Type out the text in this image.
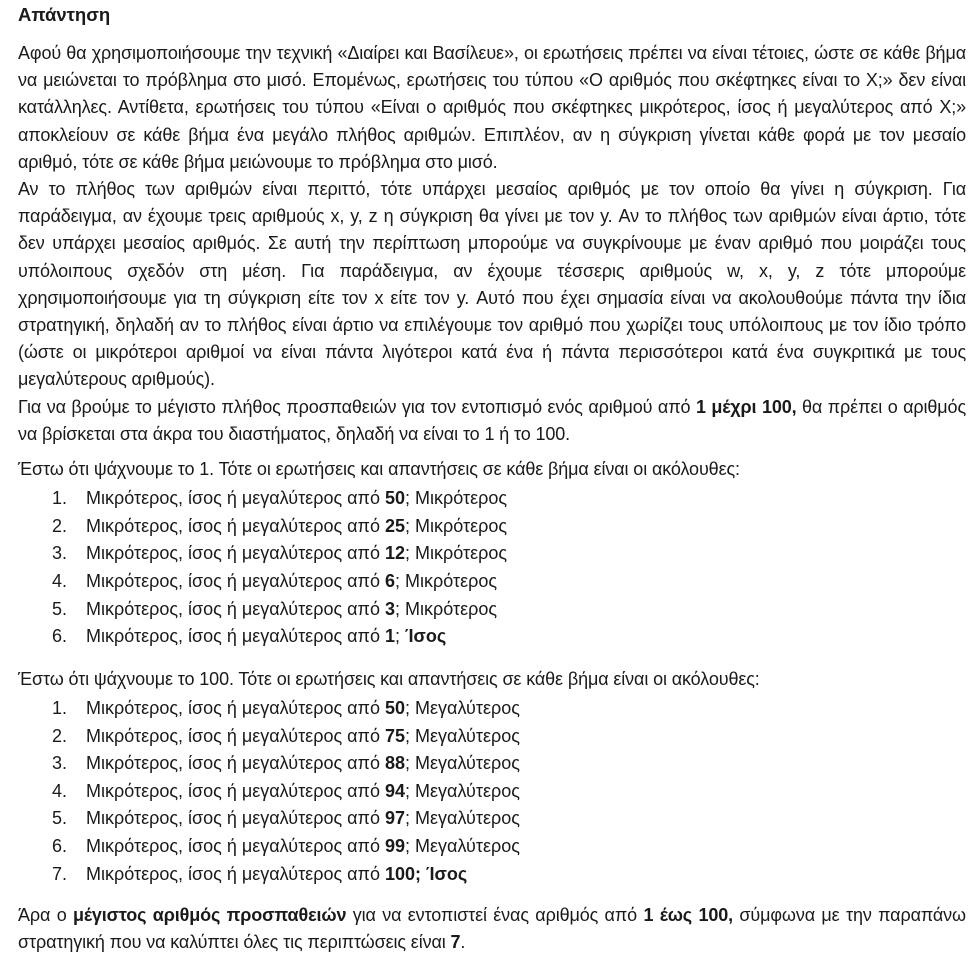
Απάντηση

Αφού θα χρησιμοποιήσουμε την τεχνική «Διαίρει και Βασίλευε», οι ερωτήσεις πρέπει να είναι τέτοιες, ώστε σε κάθε βήμα να μειώνεται το πρόβλημα στο μισό. Επομένως, ερωτήσεις του τύπου «Ο αριθμός που σκέφτηκες είναι το X;» δεν είναι κατάλληλες. Αντίθετα, ερωτήσεις του τύπου «Είναι ο αριθμός που σκέφτηκες μικρότερος, ίσος ή μεγαλύτερος από X;» αποκλείουν σε κάθε βήμα ένα μεγάλο πλήθος αριθμών. Επιπλέον, αν η σύγκριση γίνεται κάθε φορά με τον μεσαίο αριθμό, τότε σε κάθε βήμα μειώνουμε το πρόβλημα στο μισό.

Αν το πλήθος των αριθμών είναι περιττό, τότε υπάρχει μεσαίος αριθμός με τον οποίο θα γίνει η σύγκριση. Για παράδειγμα, αν έχουμε τρεις αριθμούς x, y, z η σύγκριση θα γίνει με τον y. Αν το πλήθος των αριθμών είναι άρτιο, τότε δεν υπάρχει μεσαίος αριθμός. Σε αυτή την περίπτωση μπορούμε να συγκρίνουμε με έναν αριθμό που μοιράζει τους υπόλοιπους σχεδόν στη μέση. Για παράδειγμα, αν έχουμε τέσσερις αριθμούς w, x, y, z τότε μπορούμε χρησιμοποιήσουμε για τη σύγκριση είτε τον x είτε τον y. Αυτό που έχει σημασία είναι να ακολουθούμε πάντα την ίδια στρατηγική, δηλαδή αν το πλήθος είναι άρτιο να επιλέγουμε τον αριθμό που χωρίζει τους υπόλοιπους με τον ίδιο τρόπο (ώστε οι μικρότεροι αριθμοί να είναι πάντα λιγότεροι κατά ένα ή πάντα περισσότεροι κατά ένα συγκριτικά με τους μεγαλύτερους αριθμούς).

Για να βρούμε το μέγιστο πλήθος προσπαθειών για τον εντοπισμό ενός αριθμού από 1 μέχρι 100, θα πρέπει ο αριθμός να βρίσκεται στα άκρα του διαστήματος, δηλαδή να είναι το 1 ή το 100.

Έστω ότι ψάχνουμε το 1. Τότε οι ερωτήσεις και απαντήσεις σε κάθε βήμα είναι οι ακόλουθες:

1.	Μικρότερος, ίσος ή μεγαλύτερος από 50; Μικρότερος
2.	Μικρότερος, ίσος ή μεγαλύτερος από 25; Μικρότερος
3.	Μικρότερος, ίσος ή μεγαλύτερος από 12; Μικρότερος
4.	Μικρότερος, ίσος ή μεγαλύτερος από 6; Μικρότερος
5.	Μικρότερος, ίσος ή μεγαλύτερος από 3; Μικρότερος
6.	Μικρότερος, ίσος ή μεγαλύτερος από 1; Ίσος

Έστω ότι ψάχνουμε το 100. Τότε οι ερωτήσεις και απαντήσεις σε κάθε βήμα είναι οι ακόλουθες:

1.	Μικρότερος, ίσος ή μεγαλύτερος από 50; Μεγαλύτερος
2.	Μικρότερος, ίσος ή μεγαλύτερος από 75; Μεγαλύτερος
3.	Μικρότερος, ίσος ή μεγαλύτερος από 88; Μεγαλύτερος
4.	Μικρότερος, ίσος ή μεγαλύτερος από 94; Μεγαλύτερος
5.	Μικρότερος, ίσος ή μεγαλύτερος από 97; Μεγαλύτερος
6.	Μικρότερος, ίσος ή μεγαλύτερος από 99; Μεγαλύτερος
7.	Μικρότερος, ίσος ή μεγαλύτερος από 100; Ίσος

Άρα ο μέγιστος αριθμός προσπαθειών για να εντοπιστεί ένας αριθμός από 1 έως 100, σύμφωνα με την παραπάνω στρατηγική που να καλύπτει όλες τις περιπτώσεις είναι 7.
